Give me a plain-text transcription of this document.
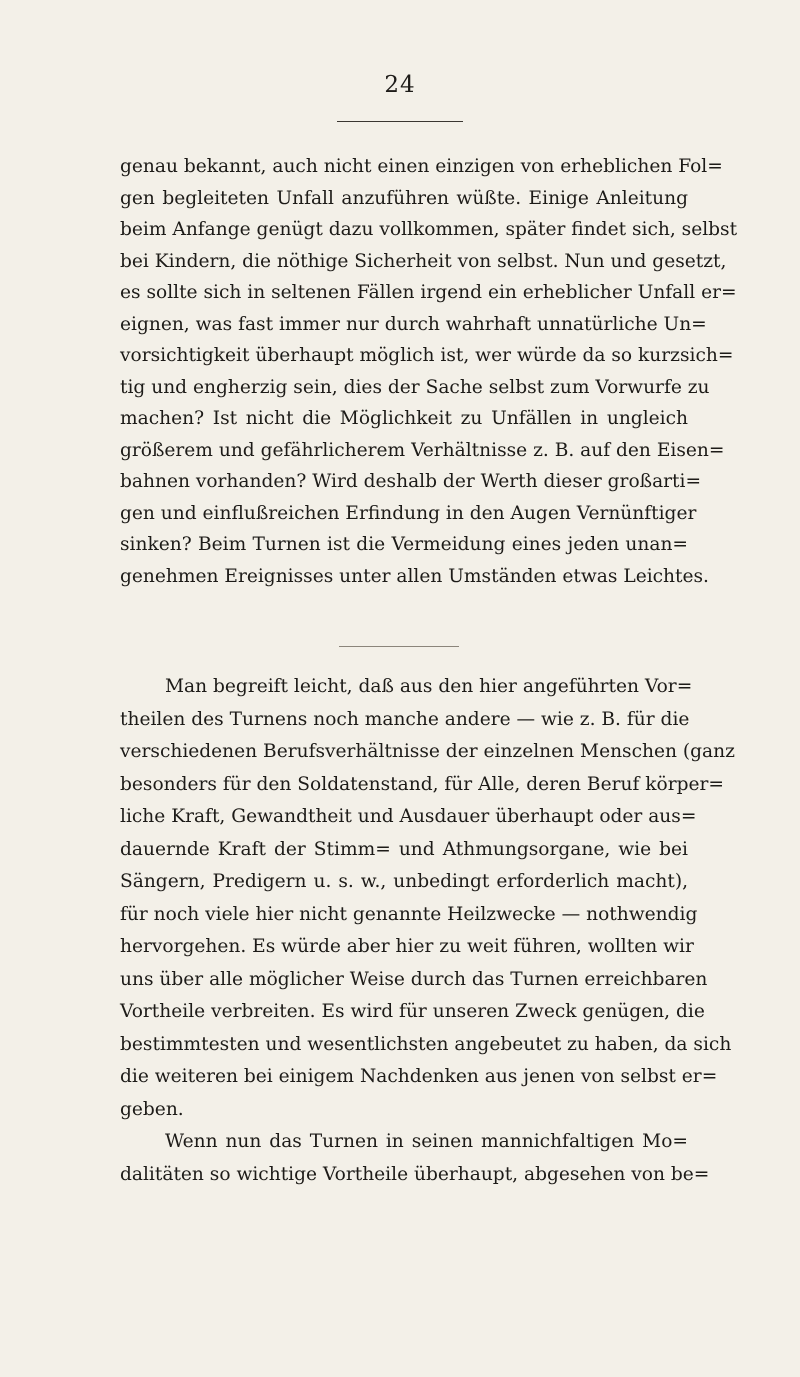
24
genau bekannt, auch nicht einen einzigen von erheblichen Fol=
gen begleiteten Unfall anzuführen wüßte. Einige Anleitung
beim Anfange genügt dazu vollkommen, später findet sich, selbst
bei Kindern, die nöthige Sicherheit von selbst. Nun und gesetzt,
es sollte sich in seltenen Fällen irgend ein erheblicher Unfall er=
eignen, was fast immer nur durch wahrhaft unnatürliche Un=
vorsichtigkeit überhaupt möglich ist, wer würde da so kurzsich=
tig und engherzig sein, dies der Sache selbst zum Vorwurfe zu
machen? Ist nicht die Möglichkeit zu Unfällen in ungleich
größerem und gefährlicherem Verhältnisse z. B. auf den Eisen=
bahnen vorhanden? Wird deshalb der Werth dieser großarti=
gen und einflußreichen Erfindung in den Augen Vernünftiger
sinken? Beim Turnen ist die Vermeidung eines jeden unan=
genehmen Ereignisses unter allen Umständen etwas Leichtes.
Man begreift leicht, daß aus den hier angeführten Vor=
theilen des Turnens noch manche andere — wie z. B. für die
verschiedenen Berufsverhältnisse der einzelnen Menschen (ganz
besonders für den Soldatenstand, für Alle, deren Beruf körper=
liche Kraft, Gewandtheit und Ausdauer überhaupt oder aus=
dauernde Kraft der Stimm= und Athmungsorgane, wie bei
Sängern, Predigern u. s. w., unbedingt erforderlich macht),
für noch viele hier nicht genannte Heilzwecke — nothwendig
hervorgehen. Es würde aber hier zu weit führen, wollten wir
uns über alle möglicher Weise durch das Turnen erreichbaren
Vortheile verbreiten. Es wird für unseren Zweck genügen, die
bestimmtesten und wesentlichsten angebeutet zu haben, da sich
die weiteren bei einigem Nachdenken aus jenen von selbst er=
geben.
Wenn nun das Turnen in seinen mannichfaltigen Mo=
dalitäten so wichtige Vortheile überhaupt, abgesehen von be=
